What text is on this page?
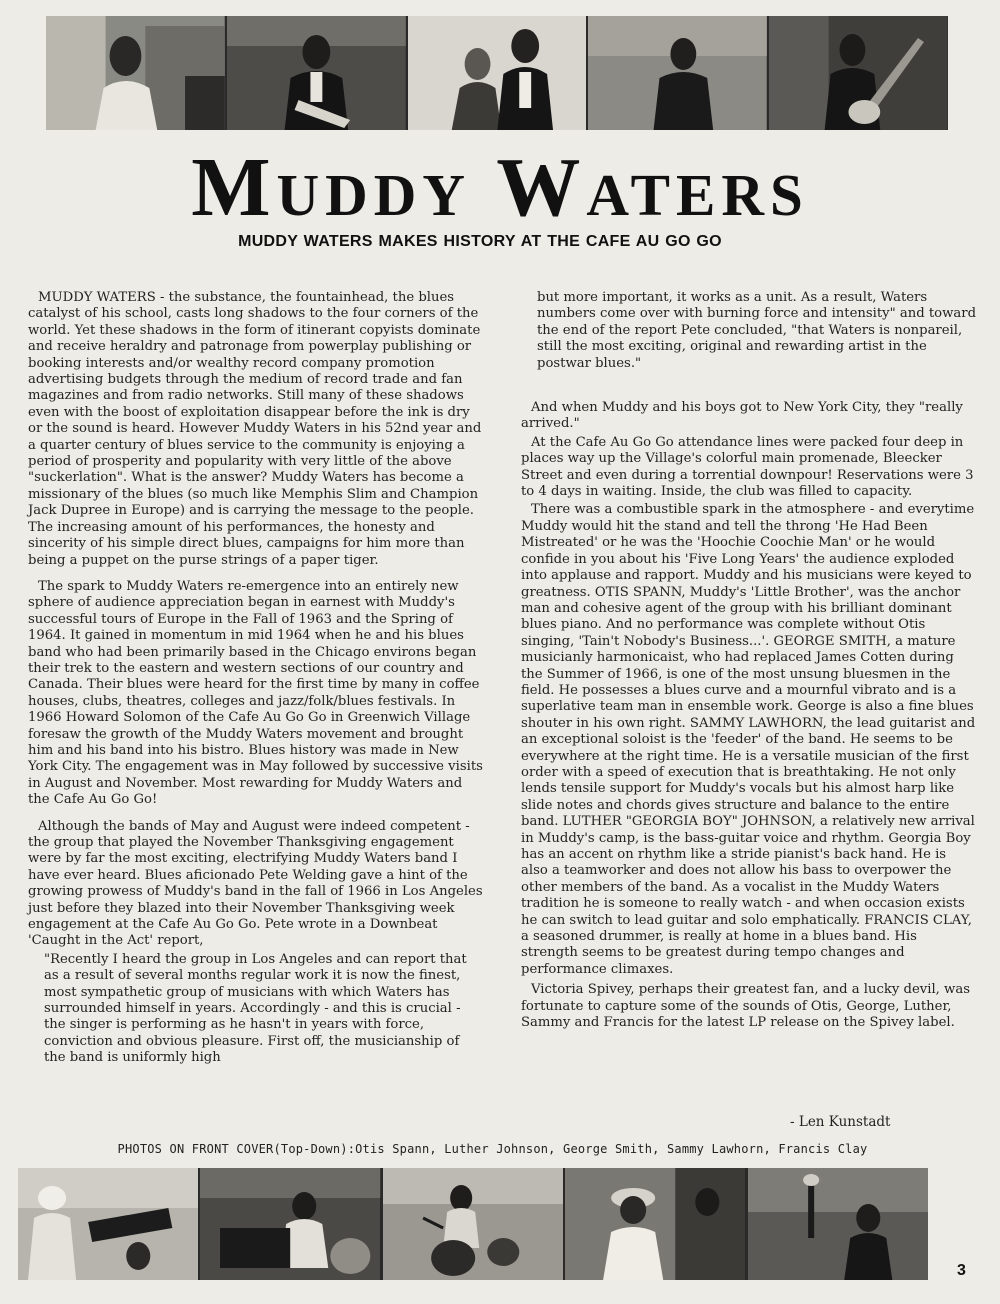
Muddy Waters
MUDDY WATERS MAKES HISTORY AT THE CAFE AU GO GO

MUDDY WATERS - the substance, the fountainhead, the blues catalyst of his school, casts long shadows to the four corners of the world. Yet these shadows in the form of itinerant copyists dominate and receive heraldry and patronage from powerplay publishing or booking interests and/or wealthy record company promotion advertising budgets through the medium of record trade and fan magazines and from radio networks. Still many of these shadows even with the boost of exploitation disappear before the ink is dry or the sound is heard. However Muddy Waters in his 52nd year and a quarter century of blues service to the community is enjoying a period of prosperity and popularity with very little of the above "suckerlation". What is the answer? Muddy Waters has become a missionary of the blues (so much like Memphis Slim and Champion Jack Dupree in Europe) and is carrying the message to the people. The increasing amount of his performances, the honesty and sincerity of his simple direct blues, campaigns for him more than being a puppet on the purse strings of a paper tiger.

The spark to Muddy Waters re-emergence into an entirely new sphere of audience appreciation began in earnest with Muddy's successful tours of Europe in the Fall of 1963 and the Spring of 1964. It gained in momentum in mid 1964 when he and his blues band who had been primarily based in the Chicago environs began their trek to the eastern and western sections of our country and Canada. Their blues were heard for the first time by many in coffee houses, clubs, theatres, colleges and jazz/folk/blues festivals. In 1966 Howard Solomon of the Cafe Au Go Go in Greenwich Village foresaw the growth of the Muddy Waters movement and brought him and his band into his bistro. Blues history was made in New York City. The engagement was in May followed by successive visits in August and November. Most rewarding for Muddy Waters and the Cafe Au Go Go!

Although the bands of May and August were indeed competent - the group that played the November Thanksgiving engagement were by far the most exciting, electrifying Muddy Waters band I have ever heard. Blues aficionado Pete Welding gave a hint of the growing prowess of Muddy's band in the fall of 1966 in Los Angeles just before they blazed into their November Thanksgiving week engagement at the Cafe Au Go Go. Pete wrote in a Downbeat 'Caught in the Act' report,

"Recently I heard the group in Los Angeles and can report that as a result of several months regular work it is now the finest, most sympathetic group of musicians with which Waters has surrounded himself in years. Accordingly - and this is crucial - the singer is performing as he hasn't in years with force, conviction and obvious pleasure. First off, the musicianship of the band is uniformly high

but more important, it works as a unit. As a result, Waters numbers come over with burning force and intensity" and toward the end of the report Pete concluded, "that Waters is nonpareil, still the most exciting, original and rewarding artist in the postwar blues."

And when Muddy and his boys got to New York City, they "really arrived."

At the Cafe Au Go Go attendance lines were packed four deep in places way up the Village's colorful main promenade, Bleecker Street and even during a torrential downpour! Reservations were 3 to 4 days in waiting. Inside, the club was filled to capacity.

There was a combustible spark in the atmosphere - and everytime Muddy would hit the stand and tell the throng 'He Had Been Mistreated' or he was the 'Hoochie Coochie Man' or he would confide in you about his 'Five Long Years' the audience exploded into applause and rapport. Muddy and his musicians were keyed to greatness. OTIS SPANN, Muddy's 'Little Brother', was the anchor man and cohesive agent of the group with his brilliant dominant blues piano. And no performance was complete without Otis singing, 'Tain't Nobody's Business...'. GEORGE SMITH, a mature musicianly harmonicaist, who had replaced James Cotten during the Summer of 1966, is one of the most unsung bluesmen in the field. He possesses a blues curve and a mournful vibrato and is a superlative team man in ensemble work. George is also a fine blues shouter in his own right. SAMMY LAWHORN, the lead guitarist and an exceptional soloist is the 'feeder' of the band. He seems to be everywhere at the right time. He is a versatile musician of the first order with a speed of execution that is breathtaking. He not only lends tensile support for Muddy's vocals but his almost harp like slide notes and chords gives structure and balance to the entire band. LUTHER "GEORGIA BOY" JOHNSON, a relatively new arrival in Muddy's camp, is the bass-guitar voice and rhythm. Georgia Boy has an accent on rhythm like a stride pianist's back hand. He is also a teamworker and does not allow his bass to overpower the other members of the band. As a vocalist in the Muddy Waters tradition he is someone to really watch - and when occasion exists he can switch to lead guitar and solo emphatically. FRANCIS CLAY, a seasoned drummer, is really at home in a blues band. His strength seems to be greatest during tempo changes and performance climaxes.

Victoria Spivey, perhaps their greatest fan, and a lucky devil, was fortunate to capture some of the sounds of Otis, George, Luther, Sammy and Francis for the latest LP release on the Spivey label.

- Len Kunstadt
PHOTOS ON FRONT COVER(Top-Down):Otis Spann, Luther Johnson, George Smith, Sammy Lawhorn, Francis Clay
3
